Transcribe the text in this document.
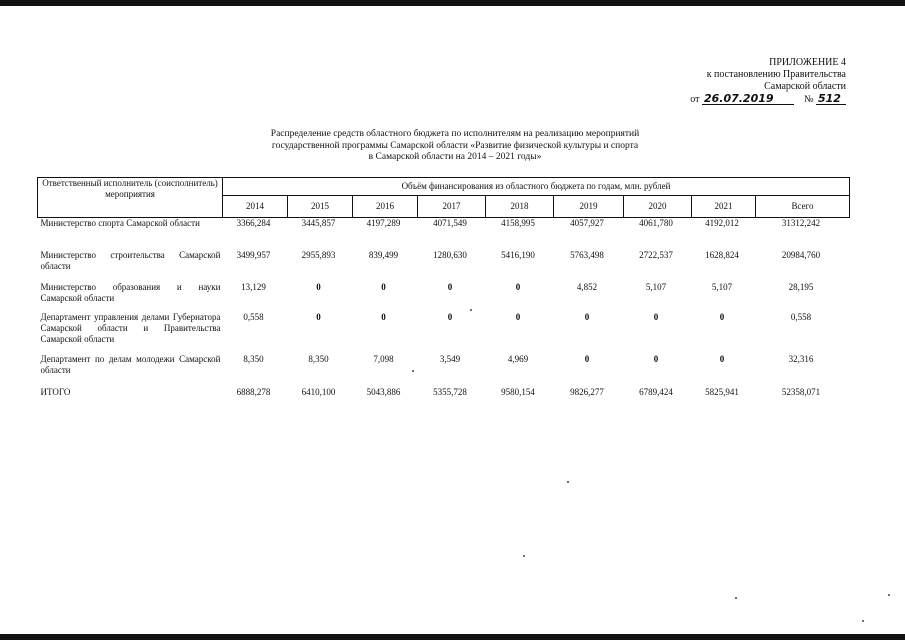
ПРИЛОЖЕНИЕ 4
к постановлению Правительства
Самарской области
от 26.07.2019	№ 512
Распределение средств областного бюджета по исполнителям на реализацию мероприятий
государственной программы Самарской области «Развитие физической культуры и спорта
в Самарской области на 2014 – 2021 годы»
Ответственный исполнитель (соисполнитель) мероприятия	Объём финансирования из областного бюджета по годам, млн. рублей								
	2014	2015	2016	2017	2018	2019	2020	2021	Всего
Министерство спорта Самарской области	3366,284	3445,857	4197,289	4071,549	4158,995	4057,927	4061,780	4192,012	31312,242
Министерство строительства Самарской области	3499,957	2955,893	839,499	1280,630	5416,190	5763,498	2722,537	1628,824	20984,760
Министерство образования и науки Самарской области	13,129	0	0	0	0	4,852	5,107	5,107	28,195
Департамент управления делами Губернатора Самарской области и Правительства Самарской области	0,558	0	0	0	0	0	0	0	0,558
Департамент по делам молодежи Самарской области	8,350	8,350	7,098	3,549	4,969	0	0	0	32,316
ИТОГО	6888,278	6410,100	5043,886	5355,728	9580,154	9826,277	6789,424	5825,941	52358,071
